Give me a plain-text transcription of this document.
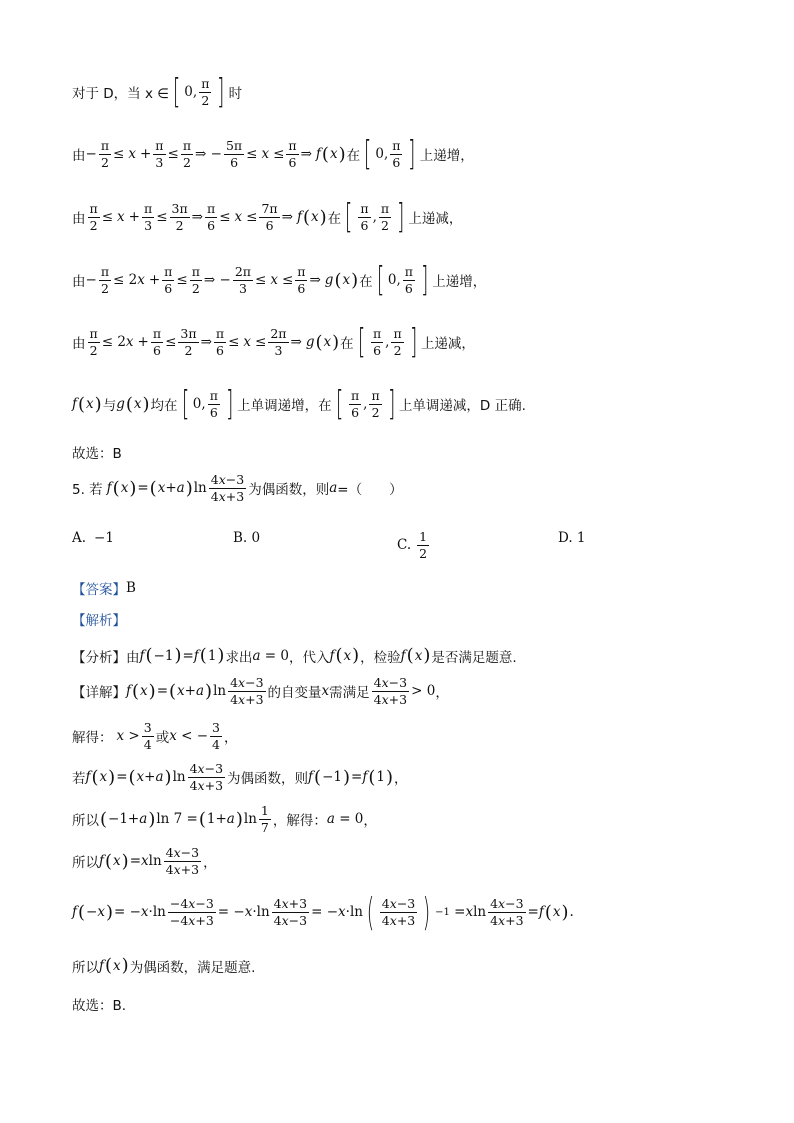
对于 D，当 x ∈ [ 0, $\frac{\pi}{2}$ ] 时
由 − $\frac{\pi}{2} \le x + \frac{\pi}{3} \le \frac{\pi}{2}$ ⇒ − $\frac{5\pi}{6} \le x \le \frac{\pi}{6}$ ⇒ f ( x ) 在 [ 0, $\frac{\pi}{6}$ ] 上递增，
由 $\frac{\pi}{2} \le x + \frac{\pi}{3} \le \frac{3\pi}{2}$ ⇒ $\frac{\pi}{6} \le x \le \frac{7\pi}{6}$ ⇒ f ( x ) 在 [ $\frac{\pi}{6}$ , $\frac{\pi}{2}$ ] 上递减，
由 − $\frac{\pi}{2} \le 2$ $x + \frac{\pi}{6} \le \frac{\pi}{2}$ ⇒ − $\frac{2\pi}{3} \le x \le \frac{\pi}{6}$ ⇒ g ( x ) 在 [ 0, $\frac{\pi}{6}$ ] 上递增，
由 $\frac{\pi}{2} \le 2$ $x + \frac{\pi}{6} \le \frac{3\pi}{2}$ ⇒ $\frac{\pi}{6} \le x \le \frac{2\pi}{3}$ ⇒ g ( x ) 在 [ $\frac{\pi}{6}$ , $\frac{\pi}{2}$ ] 上递减，
f ( x ) 与 g ( x ) 均在 [ 0, $\frac{\pi}{6}$ ] 上单调递增，在 [ $\frac{\pi}{6}$ , $\frac{\pi}{2}$ ] 上单调递减，D 正确.
故选：B
5. 若 f ( x ) = ( x + a ) $\ln \frac{4x-3}{4x+3}$ 为偶函数，则 a =（　　）
A. −1	B. 0	C. $\frac{1}{2}$	D. 1
【答案】 B
【解析】
【分析】 由 f ( −1 ) = f ( 1 ) 求出 a = 0 ，代入 f ( x ) ，检验 f ( x ) 是否满足题意.
【详解】 f ( x ) = ( x + a ) $\ln \frac{4x-3}{4x+3}$ 的自变量 x 需满足 $\frac{4x-3}{4x+3} > 0$ ，
解得： $x > \frac{3}{4}$ 或 x < − $\frac{3}{4}$ ，
若 f ( x ) = ( x + a ) $\ln \frac{4x-3}{4x+3}$ 为偶函数，则 f ( −1 ) = f ( 1 ) ，
所以 ( −1+ a ) ln 7 = ( 1+ a ) $\ln \frac{1}{7}$ ，解得： a = 0 ，
所以 f ( x ) = x $\ln \frac{4x-3}{4x+3}$ ，
f ( − x ) = − $x \cdot\ln \frac{-4x-3}{-4x+3}$ = − $x \cdot\ln \frac{4x+3}{4x-3}$ = − x ·ln ( $\frac{4x-3}{4x+3}$ ) −1 = x $\ln \frac{4x-3}{4x+3} = f$ ( x ) .
所以 f ( x ) 为偶函数，满足题意.
故选：B.
